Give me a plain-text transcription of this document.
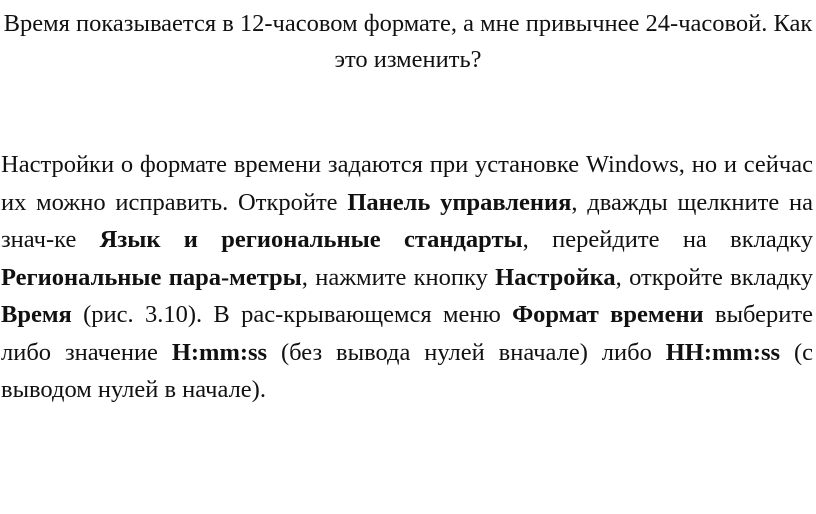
Время показывается в 12-часовом формате, а мне привычнее 24-часовой. Как это изменить?
Настройки о формате времени задаются при установке Windows, но и сейчас их можно исправить. Откройте Панель управления, дважды щелкните на знач-ке Язык и региональные стандарты, перейдите на вкладку Региональные пара-метры, нажмите кнопку Настройка, откройте вкладку Время (рис. 3.10). В рас-крывающемся меню Формат времени выберите либо значение H:mm:ss (без вывода нулей вначале) либо HH:mm:ss (с выводом нулей в начале).
